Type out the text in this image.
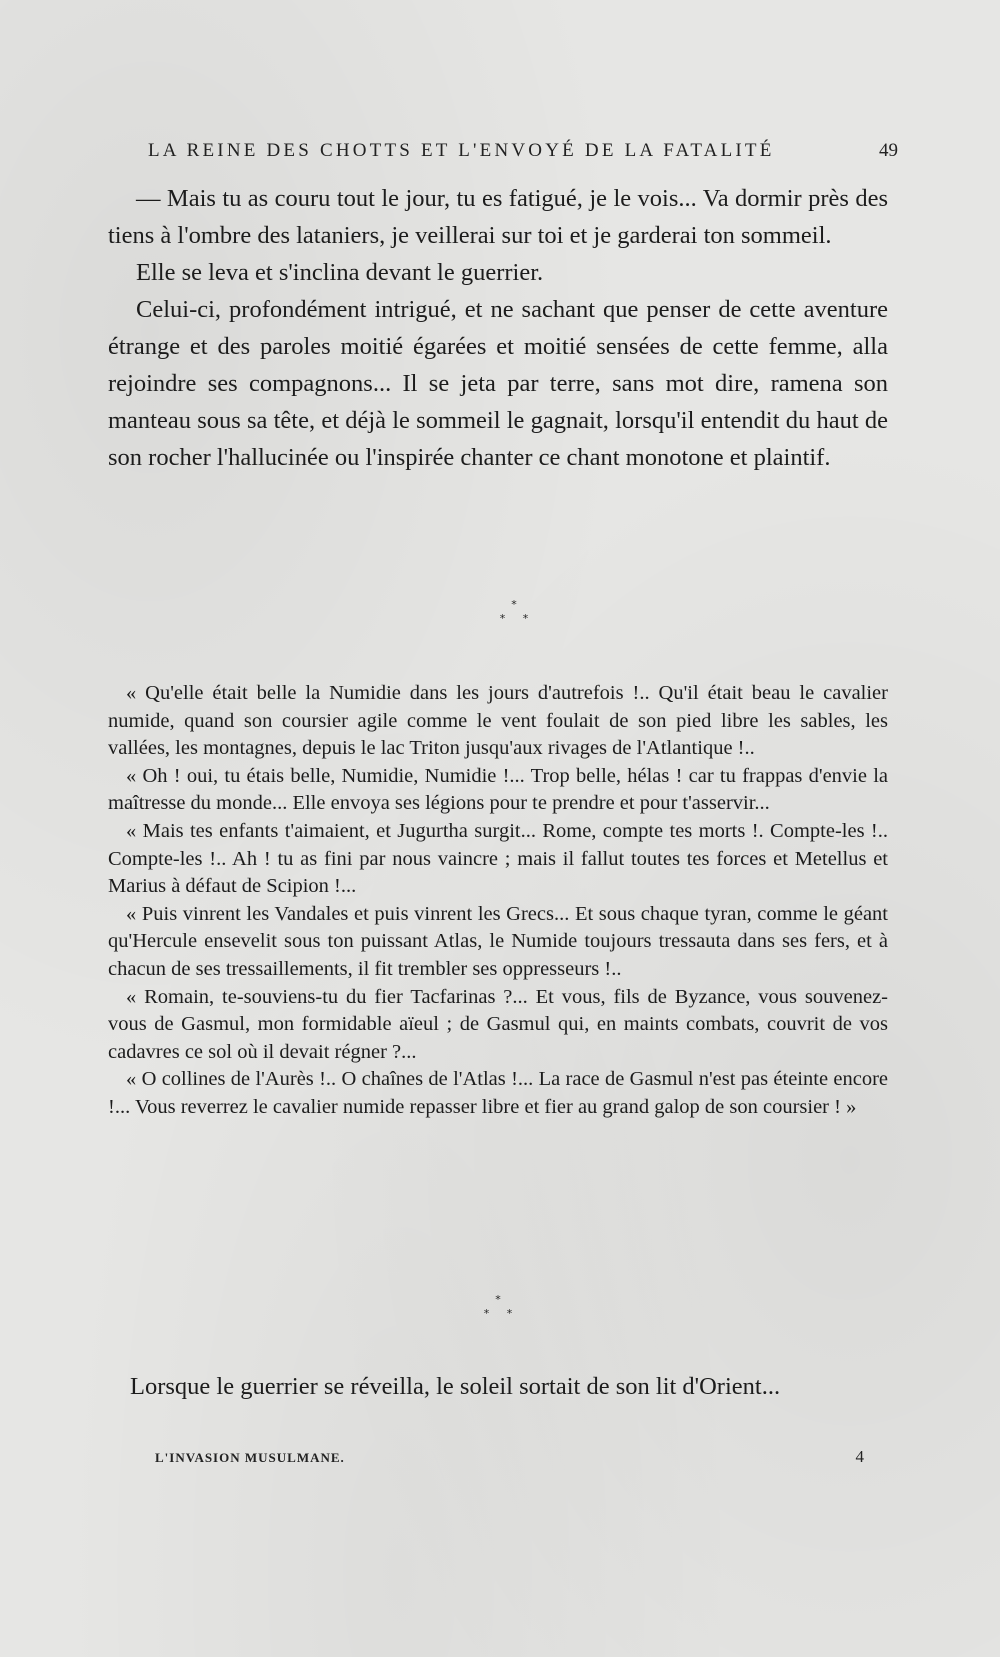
LA REINE DES CHOTTS ET L'ENVOYÉ DE LA FATALITÉ	49

— Mais tu as couru tout le jour, tu es fatigué, je le vois... Va dormir près des tiens à l'ombre des lataniers, je veillerai sur toi et je garderai ton sommeil.

Elle se leva et s'inclina devant le guerrier.

Celui-ci, profondément intrigué, et ne sachant que penser de cette aventure étrange et des paroles moitié égarées et moitié sensées de cette femme, alla rejoindre ses compagnons... Il se jeta par terre, sans mot dire, ramena son manteau sous sa tête, et déjà le sommeil le gagnait, lorsqu'il entendit du haut de son rocher l'hallucinée ou l'inspirée chanter ce chant monotone et plaintif.

*
* *

« Qu'elle était belle la Numidie dans les jours d'autrefois !.. Qu'il était beau le cavalier numide, quand son coursier agile comme le vent foulait de son pied libre les sables, les vallées, les montagnes, depuis le lac Triton jusqu'aux rivages de l'Atlantique !..

« Oh ! oui, tu étais belle, Numidie, Numidie !... Trop belle, hélas ! car tu frappas d'envie la maîtresse du monde... Elle envoya ses légions pour te prendre et pour t'asservir...

« Mais tes enfants t'aimaient, et Jugurtha surgit... Rome, compte tes morts !. Compte-les !.. Compte-les !.. Ah ! tu as fini par nous vaincre ; mais il fallut toutes tes forces et Metellus et Marius à défaut de Scipion !...

« Puis vinrent les Vandales et puis vinrent les Grecs... Et sous chaque tyran, comme le géant qu'Hercule ensevelit sous ton puissant Atlas, le Numide toujours tressauta dans ses fers, et à chacun de ses tressaillements, il fit trembler ses oppresseurs !..

« Romain, te-souviens-tu du fier Tacfarinas ?... Et vous, fils de Byzance, vous souvenez-vous de Gasmul, mon formidable aïeul ; de Gasmul qui, en maints combats, couvrit de vos cadavres ce sol où il devait régner ?...

« O collines de l'Aurès !.. O chaînes de l'Atlas !... La race de Gasmul n'est pas éteinte encore !... Vous reverrez le cavalier numide repasser libre et fier au grand galop de son coursier ! »

*
* *

Lorsque le guerrier se réveilla, le soleil sortait de son lit d'Orient...

L'INVASION MUSULMANE.	4
